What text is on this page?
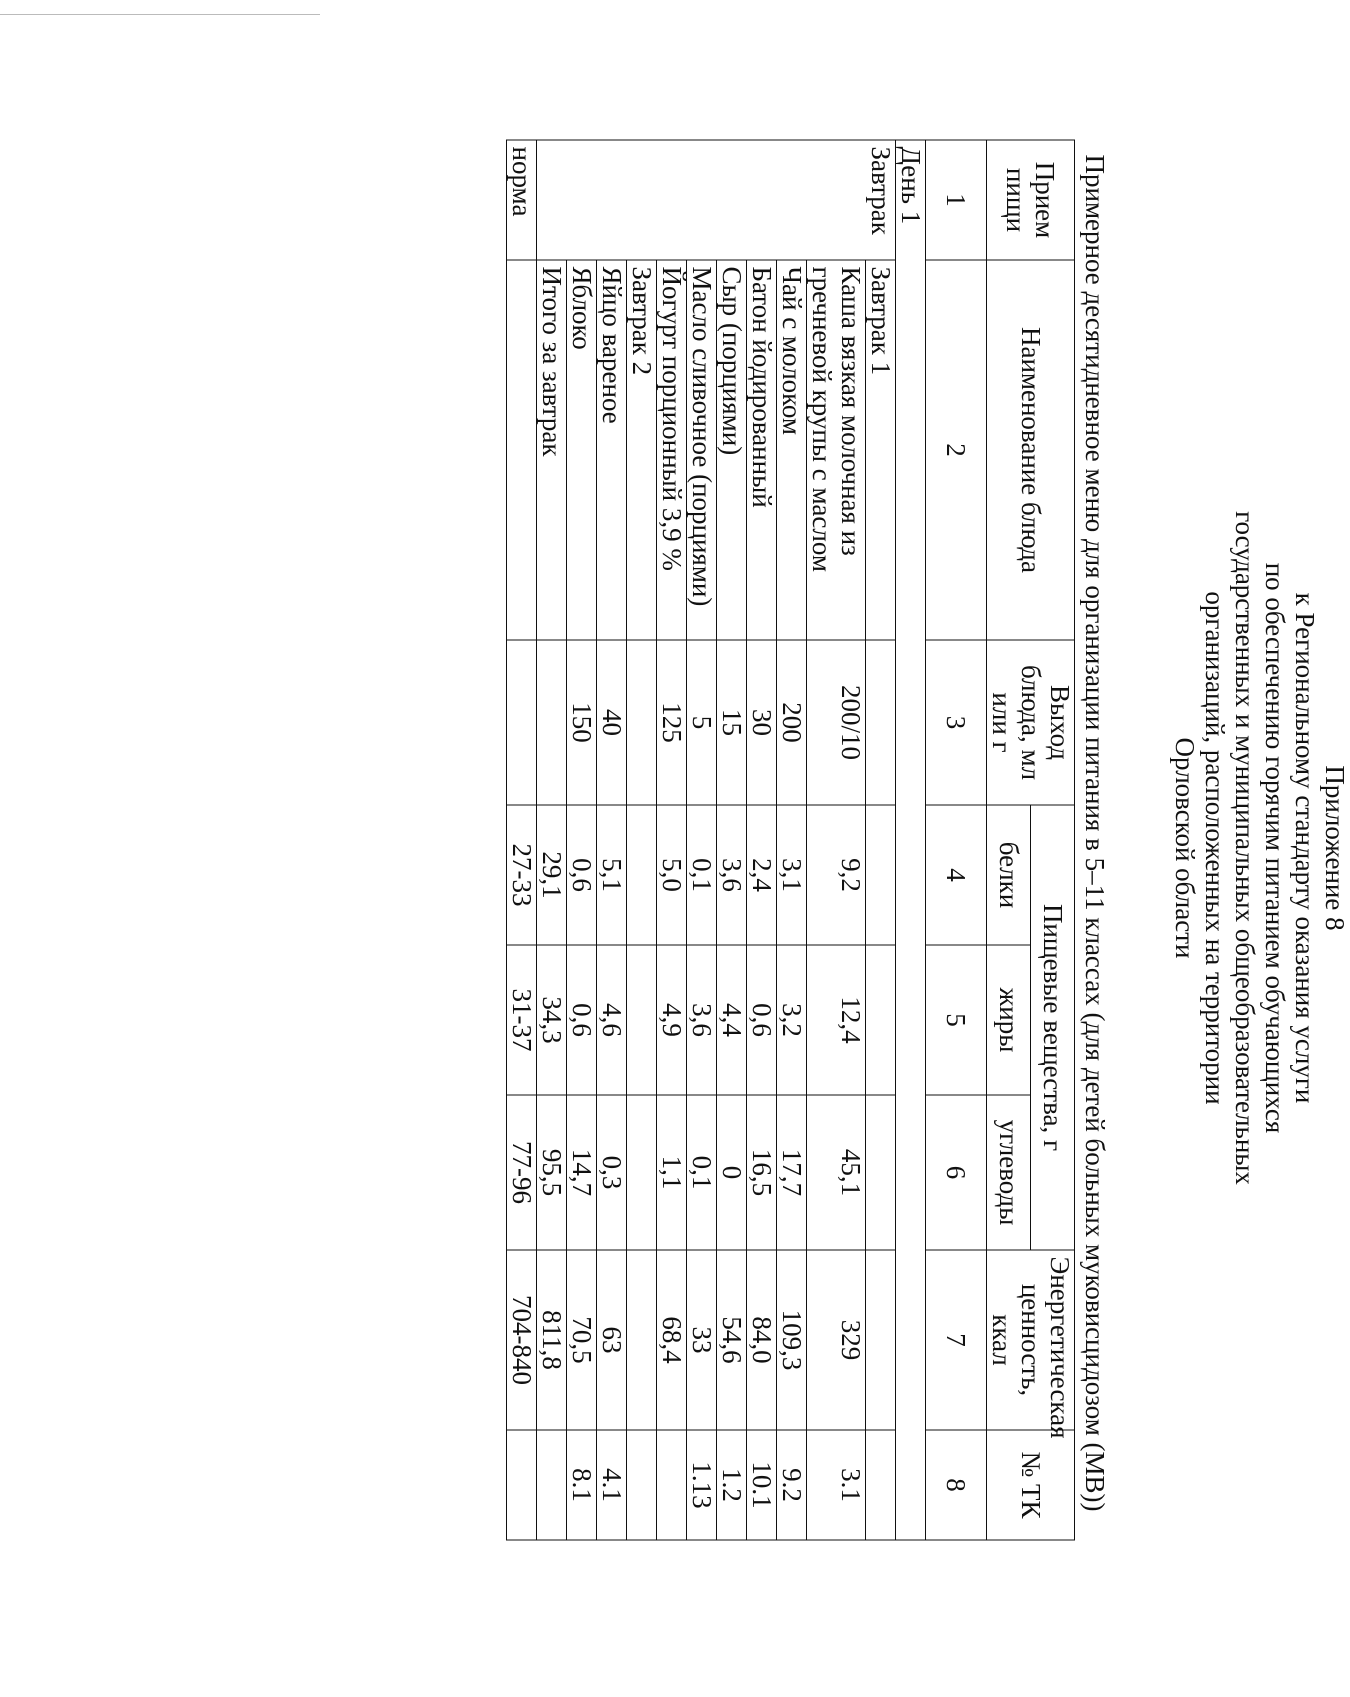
Приложение 8
к Региональному стандарту оказания услуги
по обеспечению горячим питанием обучающихся
государственных и муниципальных общеобразовательных
Примерное десятидневное меню для организации питания в 5–11 классах (для детей больных муковисцидозом (МВ))
Прием пищи	Наименование блюда	Выход блюда, мл или г	Пищевые вещества, г			Энергетическая ценность, ккал	№ ТК
			белки	жиры	углеводы		
1	2	3	4	5	6	7	8
День 1							
Завтрак	Завтрак 1						
	Каша вязкая молочная из гречневой крупы с маслом	200/10	9,2	12,4	45,1	329	3.1
	Чай с молоком	200	3,1	3,2	17,7	109,3	9.2
	Батон йодированный	30	2,4	0,6	16,5	84,0	10.1
	Сыр (порциями)	15	3,6	4,4	0	54,6	1.2
	Масло сливочное (порциями)	5	0,1	3,6	0,1	33	1.13
	Йогурт порционный 3,9 %	125	5,0	4,9	1,1	68,4	
	Завтрак 2						
	Яйцо вареное	40	5,1	4,6	0,3	63	4.1
	Яблоко	150	0,6	0,6	14,7	70,5	8.1
	Итого за завтрак		29,1	34,3	95,5	811,8	
норма			27-33	31-37	77-96	704-840	
организаций, расположенных на территории
Орловской области
